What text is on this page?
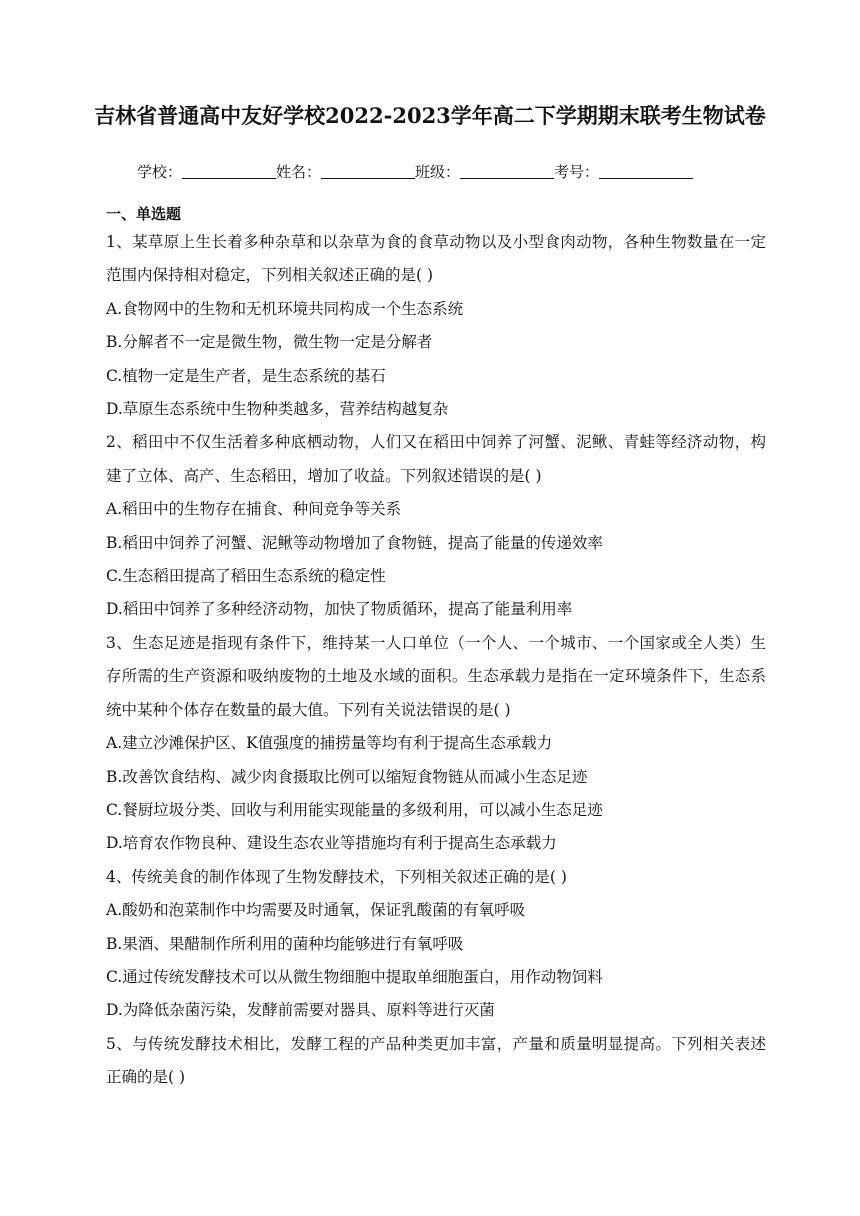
吉林省普通高中友好学校2022-2023学年高二下学期期末联考生物试卷
学校：	姓名：	班级：	考号：
一、单选题

1、某草原上生长着多种杂草和以杂草为食的食草动物以及小型食肉动物，各种生物数量在一定范围内保持相对稳定，下列相关叙述正确的是( )

A.食物网中的生物和无机环境共同构成一个生态系统

B.分解者不一定是微生物，微生物一定是分解者

C.植物一定是生产者，是生态系统的基石

D.草原生态系统中生物种类越多，营养结构越复杂

2、稻田中不仅生活着多种底栖动物，人们又在稻田中饲养了河蟹、泥鳅、青蛙等经济动物，构建了立体、高产、生态稻田，增加了收益。下列叙述错误的是( )

A.稻田中的生物存在捕食、种间竞争等关系

B.稻田中饲养了河蟹、泥鳅等动物增加了食物链，提高了能量的传递效率

C.生态稻田提高了稻田生态系统的稳定性

D.稻田中饲养了多种经济动物，加快了物质循环，提高了能量利用率

3、生态足迹是指现有条件下，维持某一人口单位（一个人、一个城市、一个国家或全人类）生存所需的生产资源和吸纳废物的土地及水域的面积。生态承载力是指在一定环境条件下，生态系统中某种个体存在数量的最大值。下列有关说法错误的是( )

A.建立沙滩保护区、K值强度的捕捞量等均有利于提高生态承载力

B.改善饮食结构、减少肉食摄取比例可以缩短食物链从而减小生态足迹

C.餐厨垃圾分类、回收与利用能实现能量的多级利用，可以减小生态足迹

D.培育农作物良种、建设生态农业等措施均有利于提高生态承载力

4、传统美食的制作体现了生物发酵技术，下列相关叙述正确的是( )

A.酸奶和泡菜制作中均需要及时通氧，保证乳酸菌的有氧呼吸

B.果酒、果醋制作所利用的菌种均能够进行有氧呼吸

C.通过传统发酵技术可以从微生物细胞中提取单细胞蛋白，用作动物饲料

D.为降低杂菌污染，发酵前需要对器具、原料等进行灭菌

5、与传统发酵技术相比，发酵工程的产品种类更加丰富，产量和质量明显提高。下列相关表述正确的是( )
